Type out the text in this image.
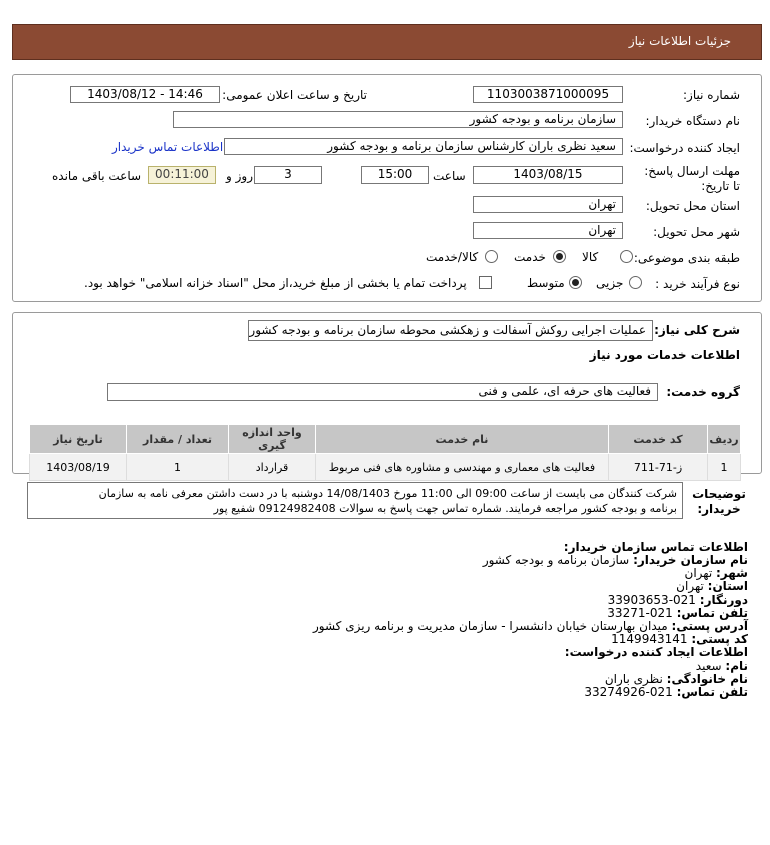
جزئیات اطلاعات نیاز
شماره نیاز:
1103003871000095
تاریخ و ساعت اعلان عمومی:
1403/08/12 - 14:46
نام دستگاه خریدار:
سازمان برنامه و بودجه کشور
ایجاد کننده درخواست:
سعید نظری باران کارشناس سازمان برنامه و بودجه کشور
اطلاعات تماس خریدار
مهلت ارسال پاسخ: تا تاریخ:
1403/08/15
ساعت
15:00
3
روز و
00:11:00
ساعت باقی مانده
استان محل تحویل:
تهران
شهر محل تحویل:
تهران
طبقه بندی موضوعی:
کالا
خدمت
کالا/خدمت
نوع فرآیند خرید :
جزیی
متوسط
پرداخت تمام یا بخشی از مبلغ خرید،از محل "اسناد خزانه اسلامی" خواهد بود.
شرح کلی نیاز:
عملیات اجرایی روکش آسفالت و زهکشی محوطه سازمان برنامه و بودجه کشور
اطلاعات خدمات مورد نیاز
گروه خدمت:
فعالیت های حرفه ای، علمی و فنی
ردیف	کد خدمت	نام خدمت	واحد اندازه گیری	تعداد / مقدار	تاریخ نیاز
1	ز-71-711	فعالیت های معماری و مهندسی و مشاوره های فنی مربوط	قرارداد	1	1403/08/19
توضیحات خریدار:
شرکت کنندگان می بایست از ساعت 09:00 الی 11:00 مورخ 14/08/1403 دوشنبه با در دست داشتن معرفی نامه به سازمان
برنامه و بودجه کشور مراجعه فرمایند. شماره تماس جهت پاسخ به سوالات 09124982408 شفیع پور
اطلاعات تماس سازمان خریدار:
نام سازمان خریدار: سازمان برنامه و بودجه کشور
شهر: تهران
استان: تهران
دورنگار: 021-33903653
تلفن تماس: 021-33271
آدرس پستی: میدان بهارستان خیابان دانشسرا - سازمان مدیریت و برنامه ریزی کشور
کد پستی: 1149943141
اطلاعات ایجاد کننده درخواست:
نام: سعید
نام خانوادگی: نظری باران
تلفن تماس: 021-33274926
